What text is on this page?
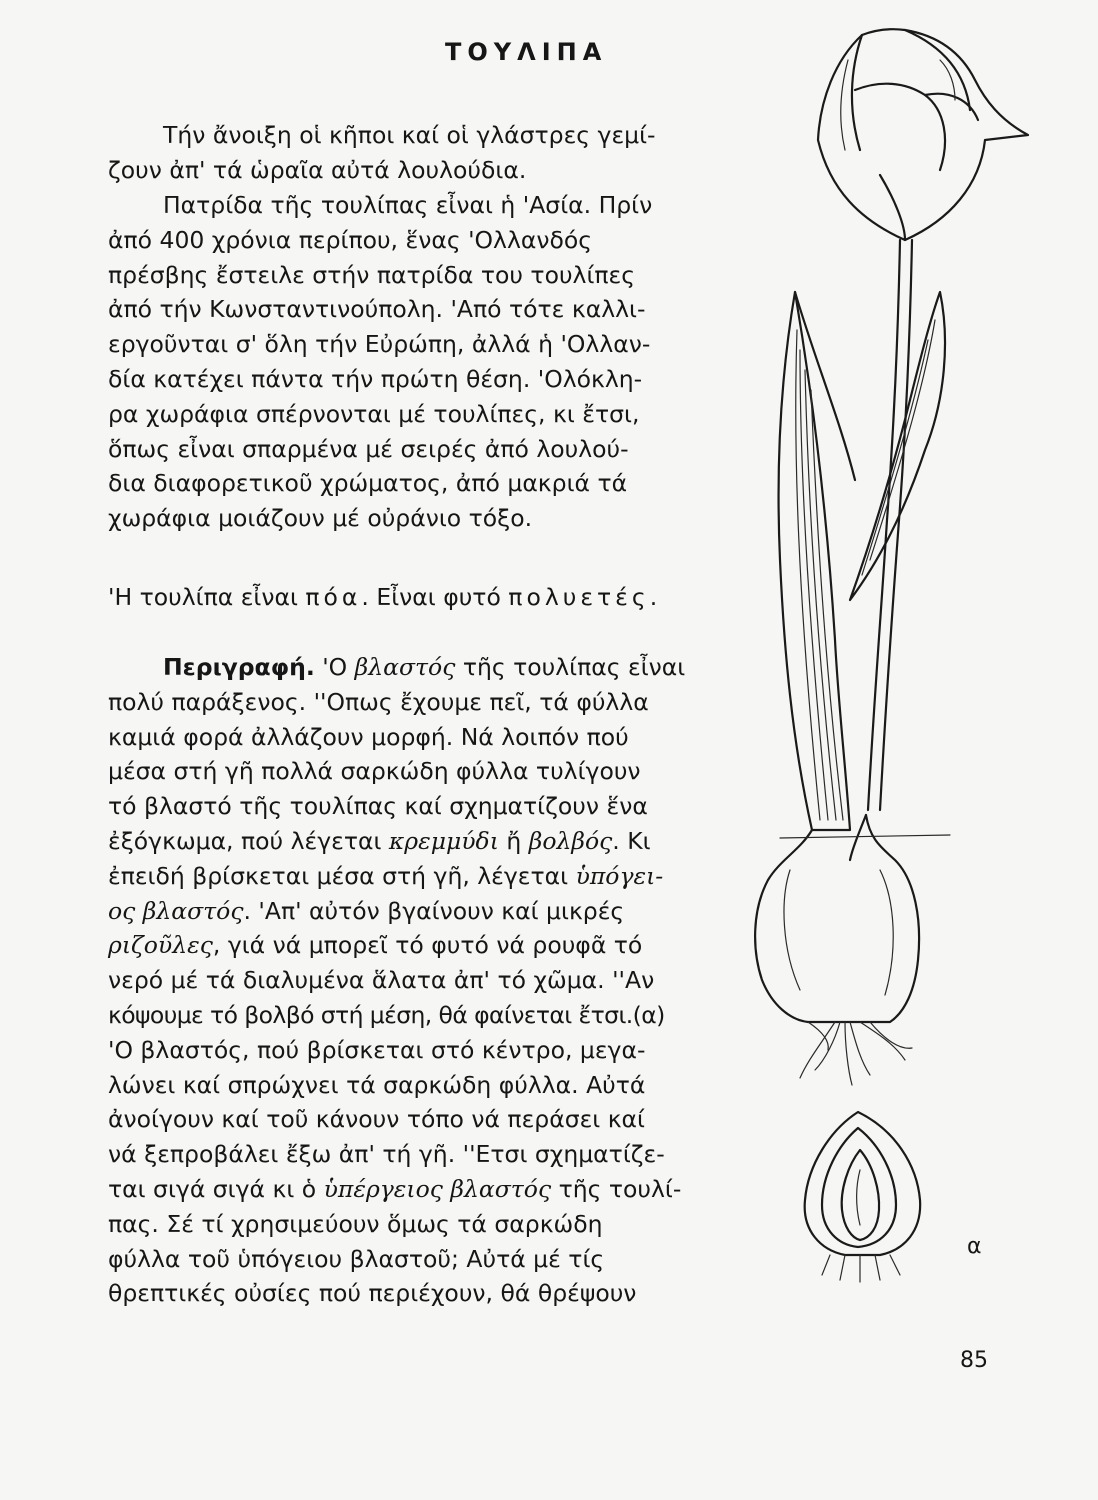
ΤΟΥΛΙΠΑ
Τήν ἄνοιξη οἱ κῆποι καί οἱ γλάστρες γεμί-
ζουν ἀπ' τά ὡραῖα αὐτά λουλούδια.
Πατρίδα τῆς τουλίπας εἶναι ἡ 'Ασία. Πρίν
ἀπό 400 χρόνια περίπου, ἕνας 'Ολλανδός
πρέσβης ἔστειλε στήν πατρίδα του τουλίπες
ἀπό τήν Κωνσταντινούπολη. 'Από τότε καλλι-
εργοῦνται σ' ὅλη τήν Εὐρώπη, ἀλλά ἡ 'Ολλαν-
δία κατέχει πάντα τήν πρώτη θέση. 'Ολόκλη-
ρα χωράφια σπέρνονται μέ τουλίπες, κι ἔτσι,
ὅπως εἶναι σπαρμένα μέ σειρές ἀπό λουλού-
δια διαφορετικοῦ χρώματος, ἀπό μακριά τά
χωράφια μοιάζουν μέ οὐράνιο τόξο.
'Η τουλίπα εἶναι πόα. Εἶναι φυτό πολυετές.
Περιγραφή. 'Ο βλαστός τῆς τουλίπας εἶναι
πολύ παράξενος. ''Οπως ἔχουμε πεῖ, τά φύλλα
καμιά φορά ἀλλάζουν μορφή. Νά λοιπόν πού
μέσα στή γῆ πολλά σαρκώδη φύλλα τυλίγουν
τό βλαστό τῆς τουλίπας καί σχηματίζουν ἕνα
ἐξόγκωμα, πού λέγεται κρεμμύδι ἤ βολβός. Κι
ἐπειδή βρίσκεται μέσα στή γῆ, λέγεται ὑπόγει-
ος βλαστός. 'Απ' αὐτόν βγαίνουν καί μικρές
ριζοῦλες, γιά νά μπορεῖ τό φυτό νά ρουφᾶ τό
νερό μέ τά διαλυμένα ἅλατα ἀπ' τό χῶμα. ''Αν
κόψουμε τό βολβό στή μέση, θά φαίνεται ἔτσι.(α)
'Ο βλαστός, πού βρίσκεται στό κέντρο, μεγα-
λώνει καί σπρώχνει τά σαρκώδη φύλλα. Αὐτά
ἀνοίγουν καί τοῦ κάνουν τόπο νά περάσει καί
νά ξεπροβάλει ἔξω ἀπ' τή γῆ. ''Ετσι σχηματίζε-
ται σιγά σιγά κι ὁ ὑπέργειος βλαστός τῆς τουλί-
πας. Σέ τί χρησιμεύουν ὅμως τά σαρκώδη
φύλλα τοῦ ὑπόγειου βλαστοῦ; Αὐτά μέ τίς
θρεπτικές οὐσίες πού περιέχουν, θά θρέψουν
α
85
